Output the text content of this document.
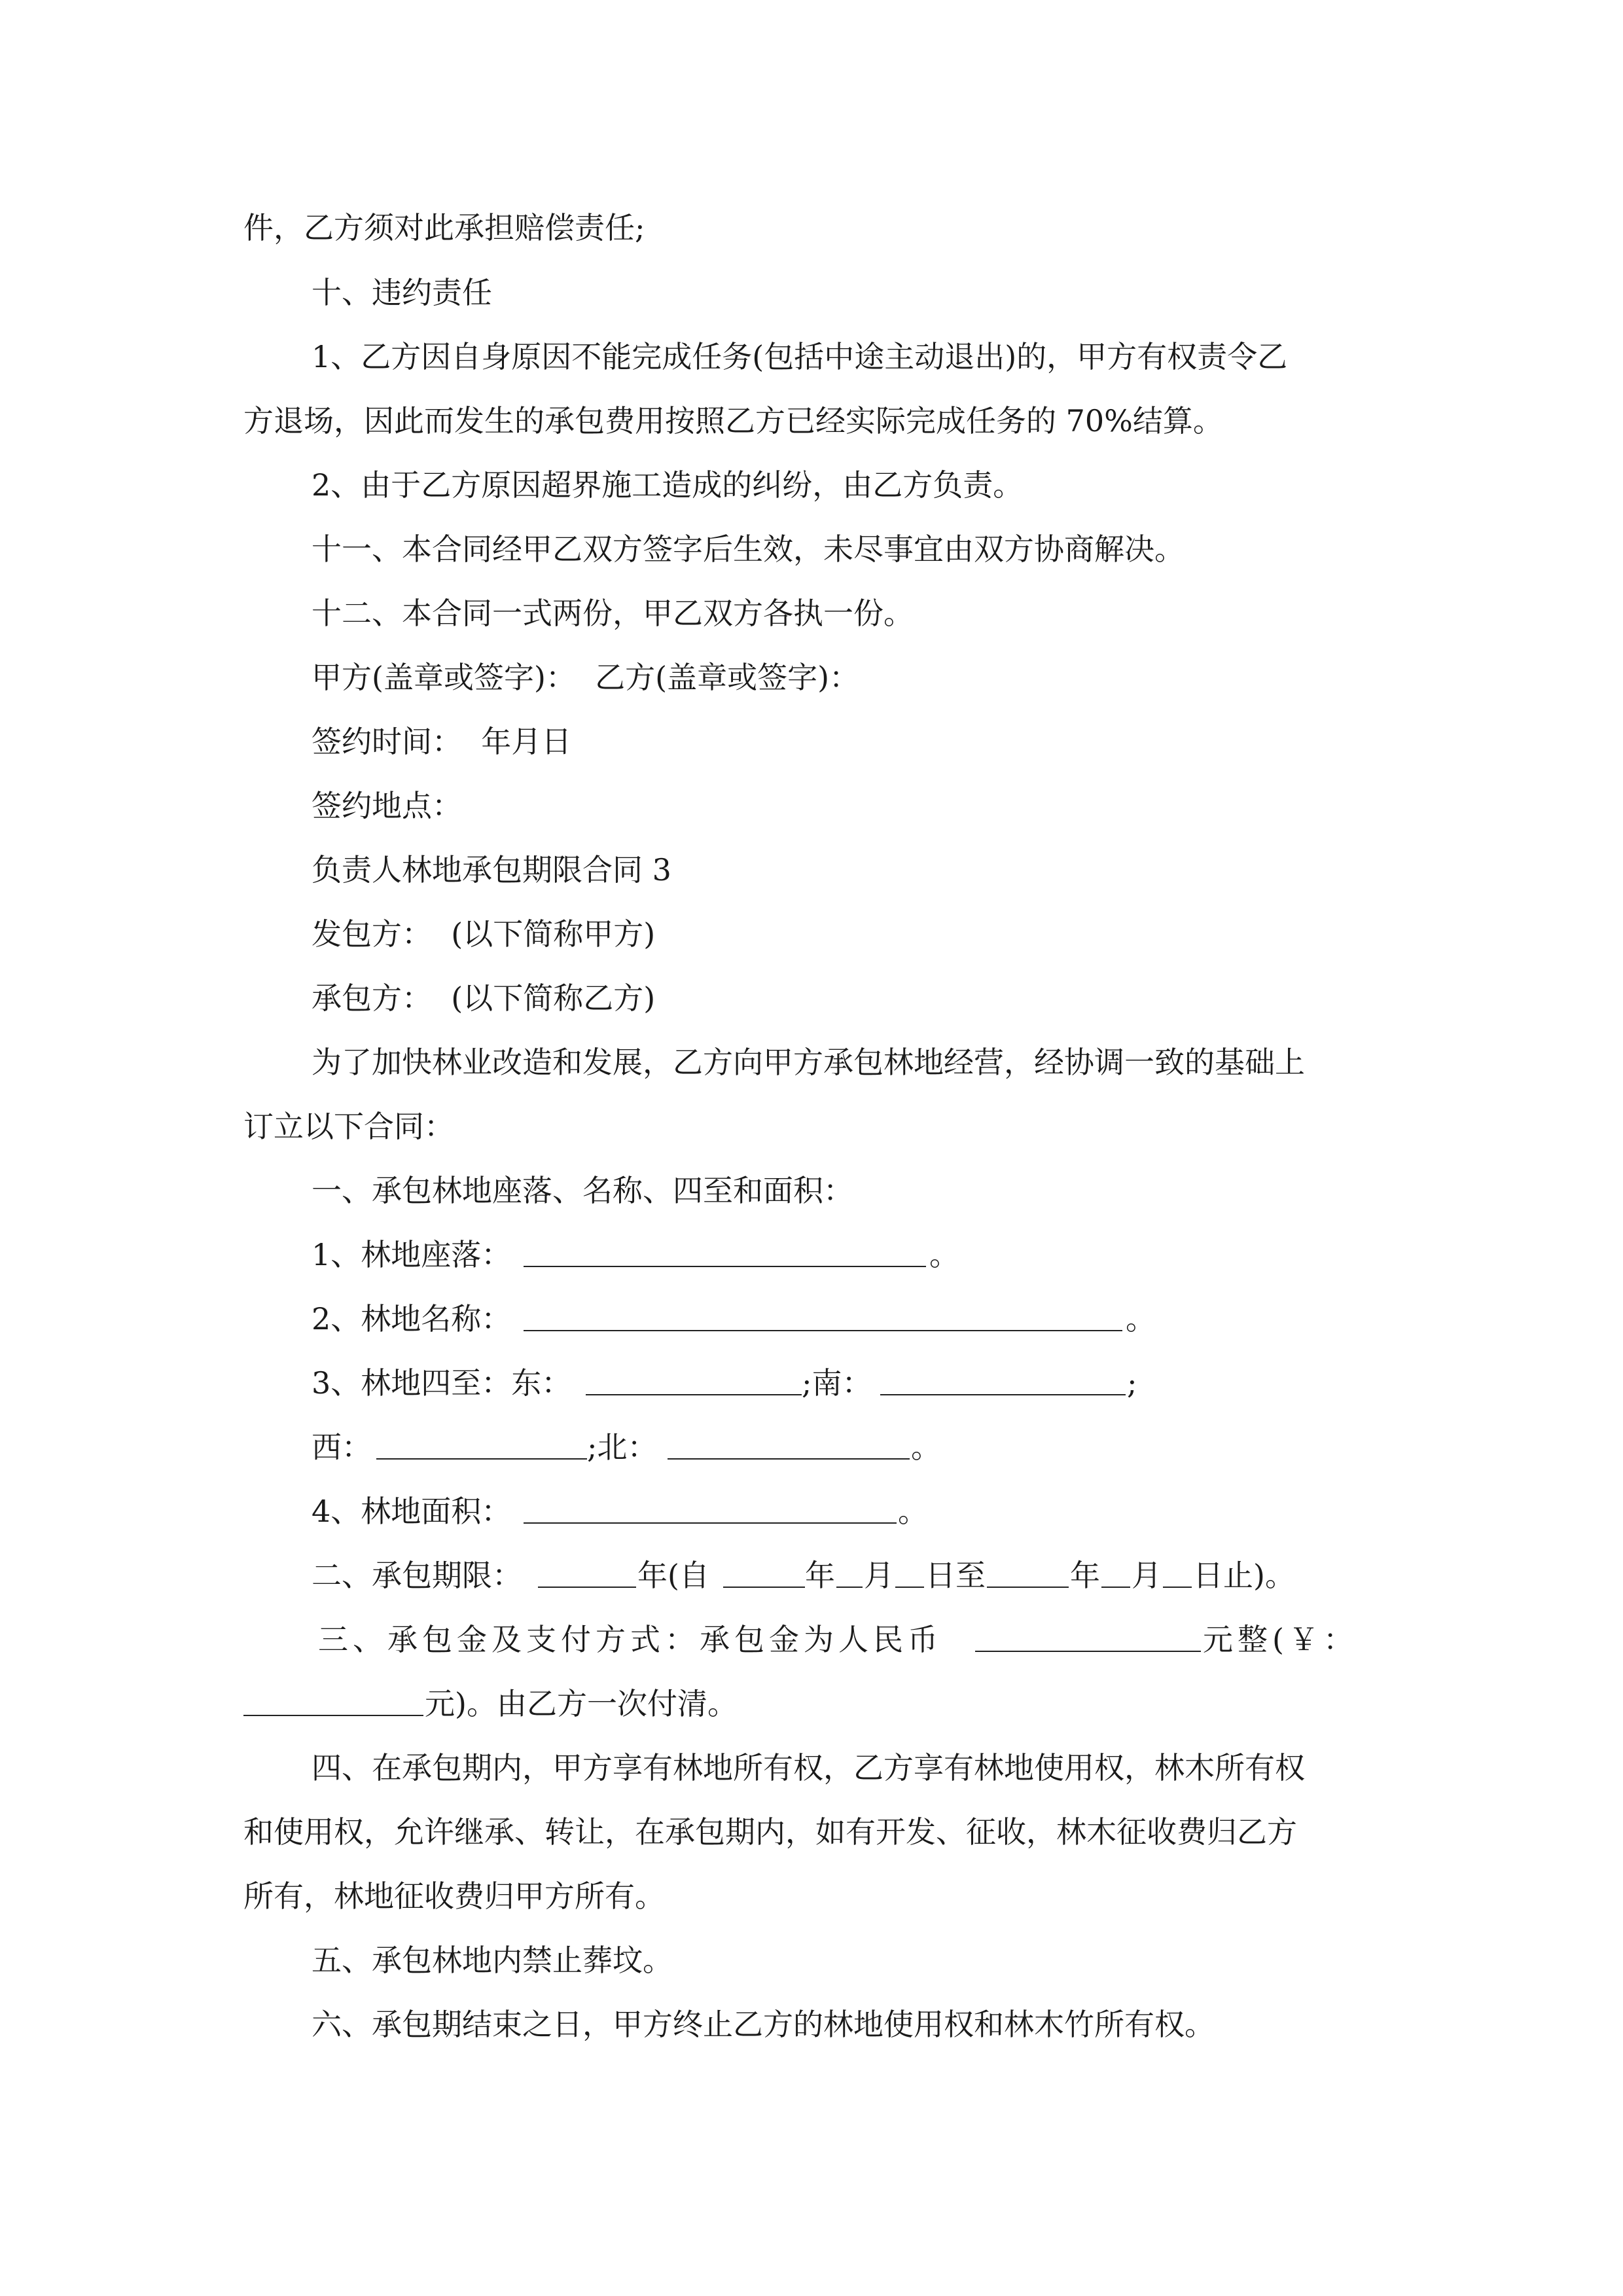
件，乙方须对此承担赔偿责任;
十、违约责任
1、乙方因自身原因不能完成任务(包括中途主动退出)的，甲方有权责令乙
方退场，因此而发生的承包费用按照乙方已经实际完成任务的 70%结算。
2、由于乙方原因超界施工造成的纠纷，由乙方负责。
十一、本合同经甲乙双方签字后生效，未尽事宜由双方协商解决。
十二、本合同一式两份，甲乙双方各执一份。
甲方(盖章或签字)：  乙方(盖章或签字)：
签约时间：  年月日
签约地点：
负责人林地承包期限合同 3
发包方：  (以下简称甲方)
承包方：  (以下简称乙方)
为了加快林业改造和发展，乙方向甲方承包林地经营，经协调一致的基础上
订立以下合同：
一、承包林地座落、名称、四至和面积：
1、林地座落：	。
2、林地名称：	。
3、林地四至：东：	;南：	;
西：	;北：	。
4、林地面积：	。
二、承包期限：	年(自	年 月 日至	年 月 日止)。
三、承包金及支付方式：承包金为人民币	元整(￥：
元)。由乙方一次付清。
四、在承包期内，甲方享有林地所有权，乙方享有林地使用权，林木所有权
和使用权，允许继承、转让，在承包期内，如有开发、征收，林木征收费归乙方
所有，林地征收费归甲方所有。
五、承包林地内禁止葬坟。
六、承包期结束之日，甲方终止乙方的林地使用权和林木竹所有权。
